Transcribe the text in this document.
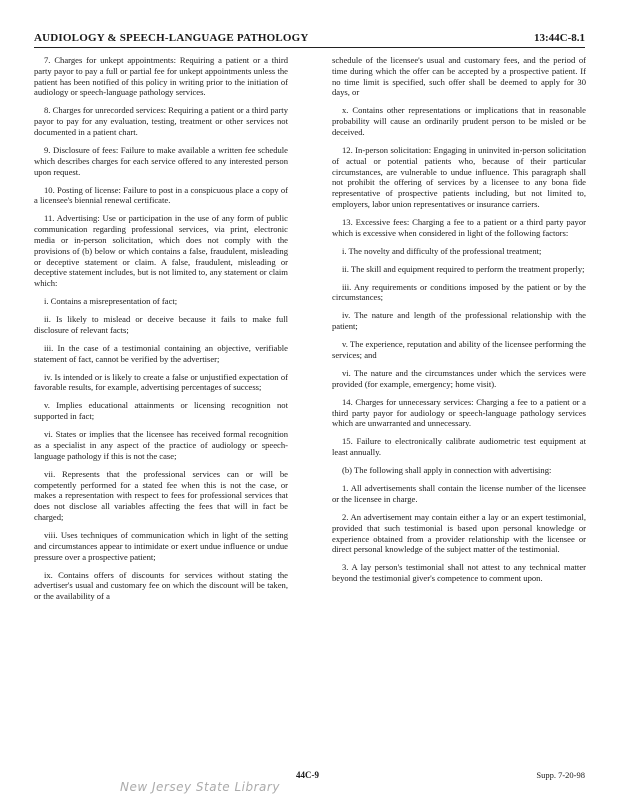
AUDIOLOGY & SPEECH-LANGUAGE PATHOLOGY	13:44C-8.1

7. Charges for unkept appointments: Requiring a patient or a third party payor to pay a full or partial fee for unkept appointments unless the patient has been notified of this policy in writing prior to the initiation of audiology or speech-language pathology services.

8. Charges for unrecorded services: Requiring a patient or a third party payor to pay for any evaluation, testing, treatment or other services not documented in a patient chart.

9. Disclosure of fees: Failure to make available a written fee schedule which describes charges for each service offered to any interested person upon request.

10. Posting of license: Failure to post in a conspicuous place a copy of a licensee's biennial renewal certificate.

11. Advertising: Use or participation in the use of any form of public communication regarding professional services, via print, electronic media or in-person solicitation, which does not comply with the provisions of (b) below or which contains a false, fraudulent, misleading or deceptive statement or claim. A false, fraudulent, misleading or deceptive statement includes, but is not limited to, any statement or claim which:

i. Contains a misrepresentation of fact;

ii. Is likely to mislead or deceive because it fails to make full disclosure of relevant facts;

iii. In the case of a testimonial containing an objective, verifiable statement of fact, cannot be verified by the advertiser;

iv. Is intended or is likely to create a false or unjustified expectation of favorable results, for example, advertising percentages of success;

v. Implies educational attainments or licensing recognition not supported in fact;

vi. States or implies that the licensee has received formal recognition as a specialist in any aspect of the practice of audiology or speech-language pathology if this is not the case;

vii. Represents that the professional services can or will be competently performed for a stated fee when this is not the case, or makes a representation with respect to fees for professional services that does not disclose all variables affecting the fees that will in fact be charged;

viii. Uses techniques of communication which in light of the setting and circumstances appear to intimidate or exert undue influence or undue pressure over a prospective patient;

ix. Contains offers of discounts for services without stating the advertiser's usual and customary fee on which the discount will be taken, or the availability of a

schedule of the licensee's usual and customary fees, and the period of time during which the offer can be accepted by a prospective patient. If no time limit is specified, such offer shall be deemed to apply for 30 days, or

x. Contains other representations or implications that in reasonable probability will cause an ordinarily prudent person to be misled or be deceived.

12. In-person solicitation: Engaging in uninvited in-person solicitation of actual or potential patients who, because of their particular circumstances, are vulnerable to undue influence. This paragraph shall not prohibit the offering of services by a licensee to any bona fide representative of prospective patients including, but not limited to, employers, labor union representatives or insurance carriers.

13. Excessive fees: Charging a fee to a patient or a third party payor which is excessive when considered in light of the following factors:

i. The novelty and difficulty of the professional treatment;

ii. The skill and equipment required to perform the treatment properly;

iii. Any requirements or conditions imposed by the patient or by the circumstances;

iv. The nature and length of the professional relationship with the patient;

v. The experience, reputation and ability of the licensee performing the services; and

vi. The nature and the circumstances under which the services were provided (for example, emergency; home visit).

14. Charges for unnecessary services: Charging a fee to a patient or a third party payor for audiology or speech-language pathology services which are unwarranted and unnecessary.

15. Failure to electronically calibrate audiometric test equipment at least annually.

(b) The following shall apply in connection with advertising:

1. All advertisements shall contain the license number of the licensee or the licensee in charge.

2. An advertisement may contain either a lay or an expert testimonial, provided that such testimonial is based upon personal knowledge or experience obtained from a provider relationship with the licensee or direct personal knowledge of the subject matter of the testimonial.

3. A lay person's testimonial shall not attest to any technical matter beyond the testimonial giver's competence to comment upon.

44C-9	Supp. 7-20-98
New Jersey State Library
